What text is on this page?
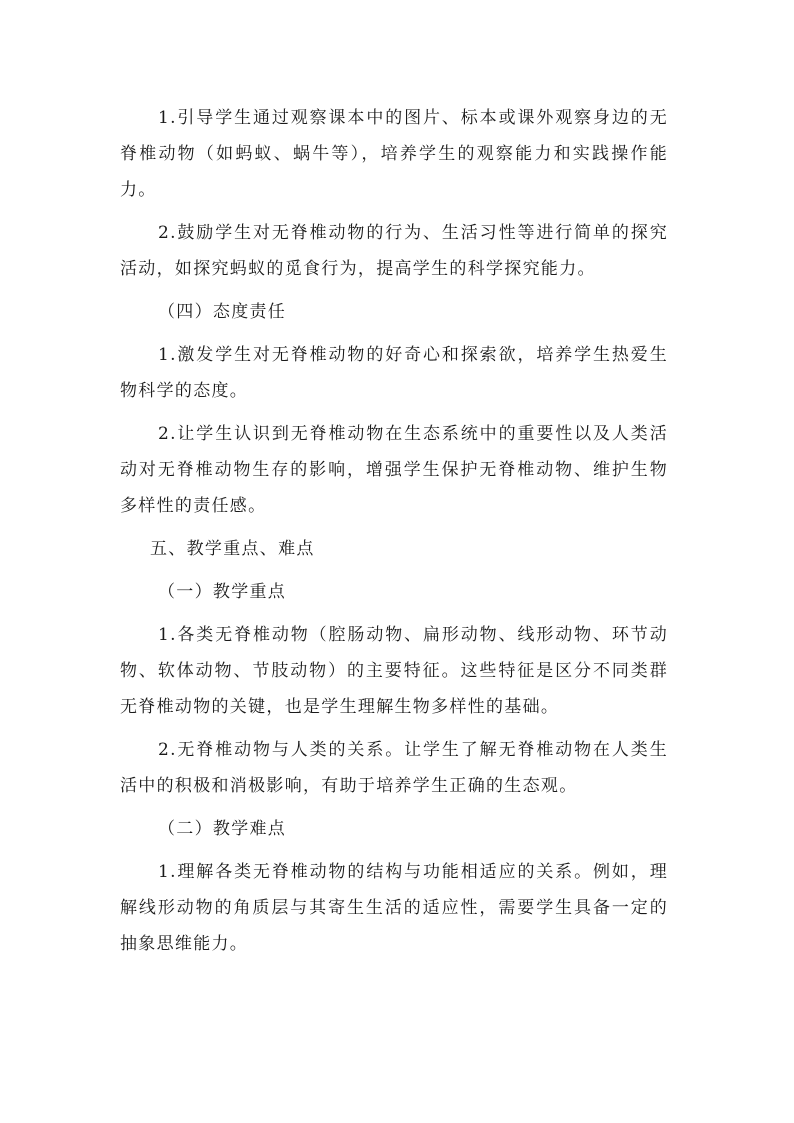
1.引导学生通过观察课本中的图片、标本或课外观察身边的无脊椎动物（如蚂蚁、蜗牛等），培养学生的观察能力和实践操作能力。

2.鼓励学生对无脊椎动物的行为、生活习性等进行简单的探究活动，如探究蚂蚁的觅食行为，提高学生的科学探究能力。

（四）态度责任

1.激发学生对无脊椎动物的好奇心和探索欲，培养学生热爱生物科学的态度。

2.让学生认识到无脊椎动物在生态系统中的重要性以及人类活动对无脊椎动物生存的影响，增强学生保护无脊椎动物、维护生物多样性的责任感。

五、教学重点、难点

（一）教学重点

1.各类无脊椎动物（腔肠动物、扁形动物、线形动物、环节动物、软体动物、节肢动物）的主要特征。这些特征是区分不同类群无脊椎动物的关键，也是学生理解生物多样性的基础。

2.无脊椎动物与人类的关系。让学生了解无脊椎动物在人类生活中的积极和消极影响，有助于培养学生正确的生态观。

（二）教学难点

1.理解各类无脊椎动物的结构与功能相适应的关系。例如，理解线形动物的角质层与其寄生生活的适应性，需要学生具备一定的抽象思维能力。
